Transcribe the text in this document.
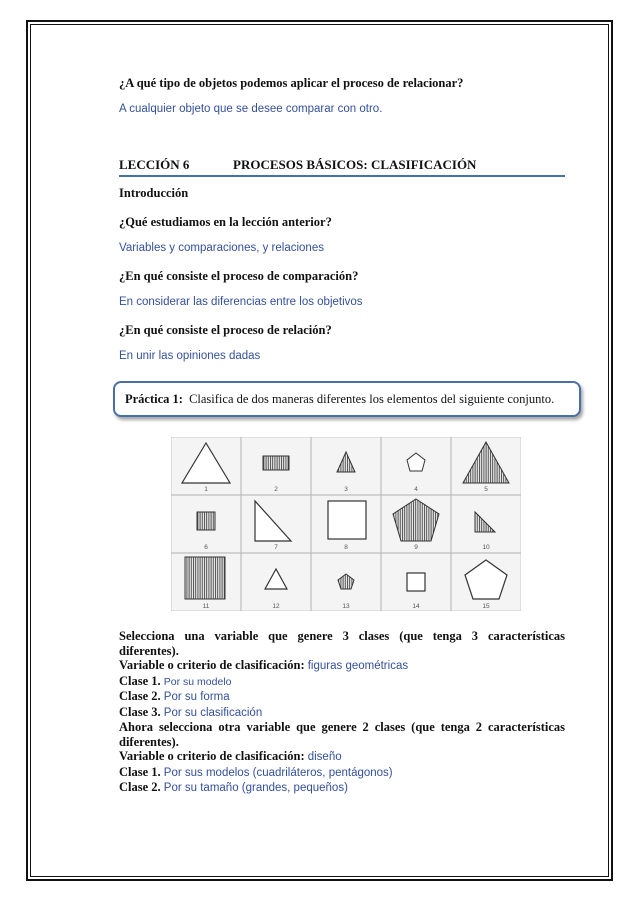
¿A qué tipo de objetos podemos aplicar el proceso de relacionar?
A cualquier objeto que se desee comparar con otro.
LECCIÓN 6	PROCESOS BÁSICOS: CLASIFICACIÓN
Introducción
¿Qué estudiamos en la lección anterior?
Variables y comparaciones, y relaciones
¿En qué consiste el proceso de comparación?
En considerar las diferencias entre los objetivos
¿En qué consiste el proceso de relación?
En unir las opiniones dadas
Práctica 1: Clasifica de dos maneras diferentes los elementos del siguiente conjunto.
1	2	3	4	5
6	7	8	9	10
11	12	13	14	15
Selecciona una variable que genere 3 clases (que tenga 3 características
diferentes).
Variable o criterio de clasificación: figuras geométricas
Clase 1. Por su modelo
Clase 2. Por su forma
Clase 3. Por su clasificación
Ahora selecciona otra variable que genere 2 clases (que tenga 2 características
diferentes).
Variable o criterio de clasificación: diseño
Clase 1. Por sus modelos (cuadriláteros, pentágonos)
Clase 2. Por su tamaño (grandes, pequeños)
